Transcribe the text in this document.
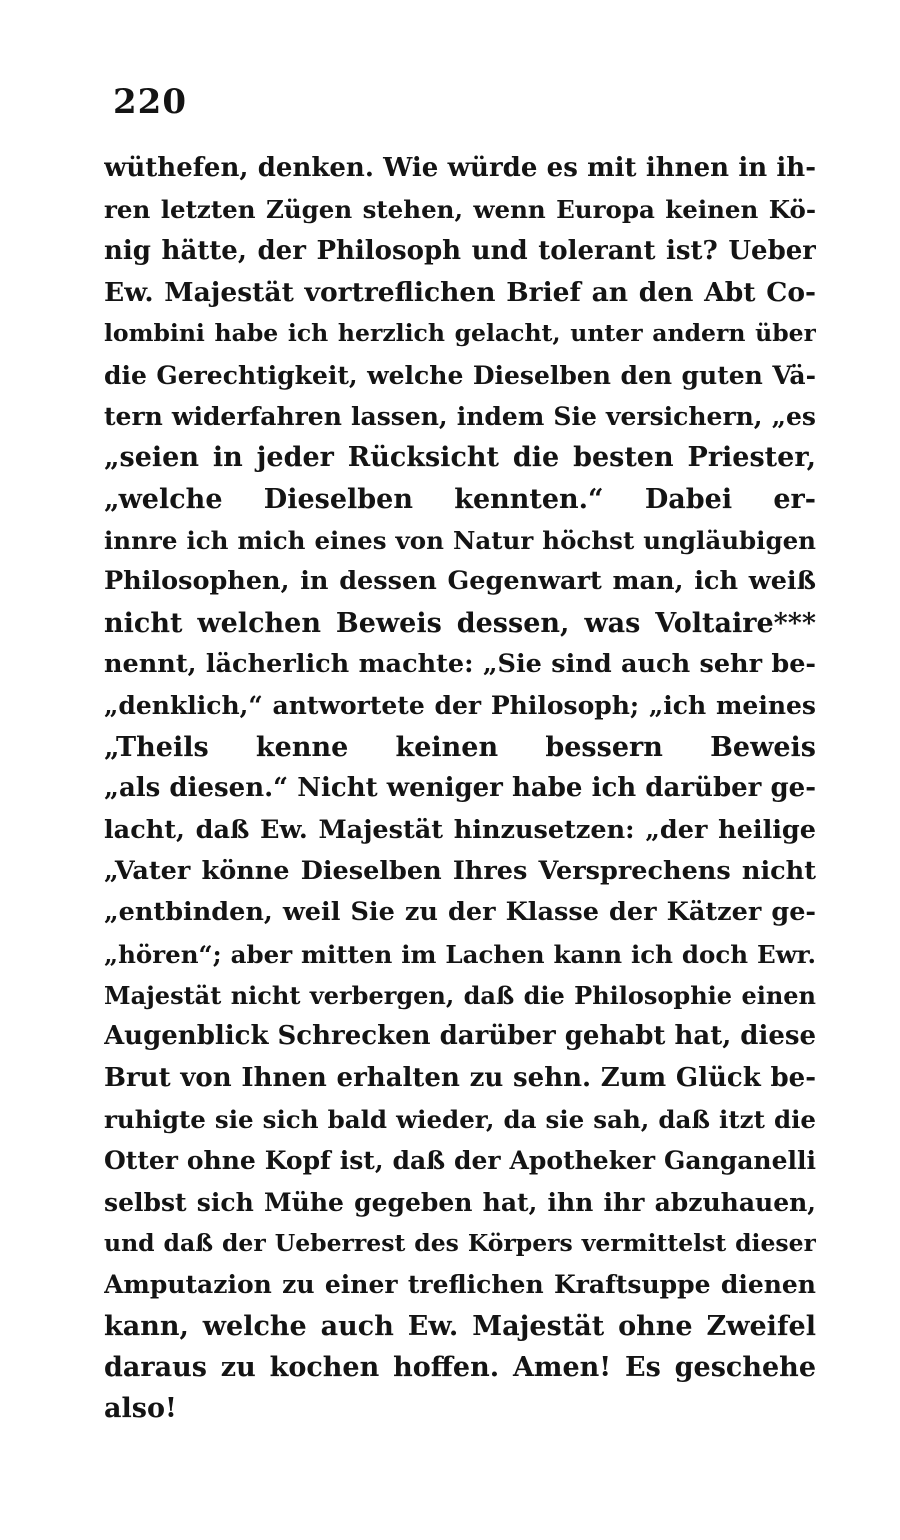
220
wüthefen, denken. Wie würde es mit ihnen in ih-
ren letzten Zügen stehen, wenn Europa keinen Kö-
nig hätte, der Philosoph und tolerant ist? Ueber
Ew. Majestät vortreflichen Brief an den Abt Co-
lombini habe ich herzlich gelacht, unter andern über
die Gerechtigkeit, welche Dieselben den guten Vä-
tern widerfahren lassen, indem Sie versichern, „es
„seien in jeder Rücksicht die besten Priester,
„welche Dieselben kennten.“ Dabei er-
innre ich mich eines von Natur höchst ungläubigen
Philosophen, in dessen Gegenwart man, ich weiß
nicht welchen Beweis dessen, was Voltaire***
nennt, lächerlich machte: „Sie sind auch sehr be-
„denklich,“ antwortete der Philosoph; „ich meines
„Theils kenne keinen bessern Beweis
„als diesen.“ Nicht weniger habe ich darüber ge-
lacht, daß Ew. Majestät hinzusetzen: „der heilige
„Vater könne Dieselben Ihres Versprechens nicht
„entbinden, weil Sie zu der Klasse der Kätzer ge-
„hören“; aber mitten im Lachen kann ich doch Ewr.
Majestät nicht verbergen, daß die Philosophie einen
Augenblick Schrecken darüber gehabt hat, diese
Brut von Ihnen erhalten zu sehn. Zum Glück be-
ruhigte sie sich bald wieder, da sie sah, daß itzt die
Otter ohne Kopf ist, daß der Apotheker Ganganelli
selbst sich Mühe gegeben hat, ihn ihr abzuhauen,
und daß der Ueberrest des Körpers vermittelst dieser
Amputazion zu einer treflichen Kraftsuppe dienen
kann, welche auch Ew. Majestät ohne Zweifel
daraus zu kochen hoffen. Amen! Es geschehe
also!
